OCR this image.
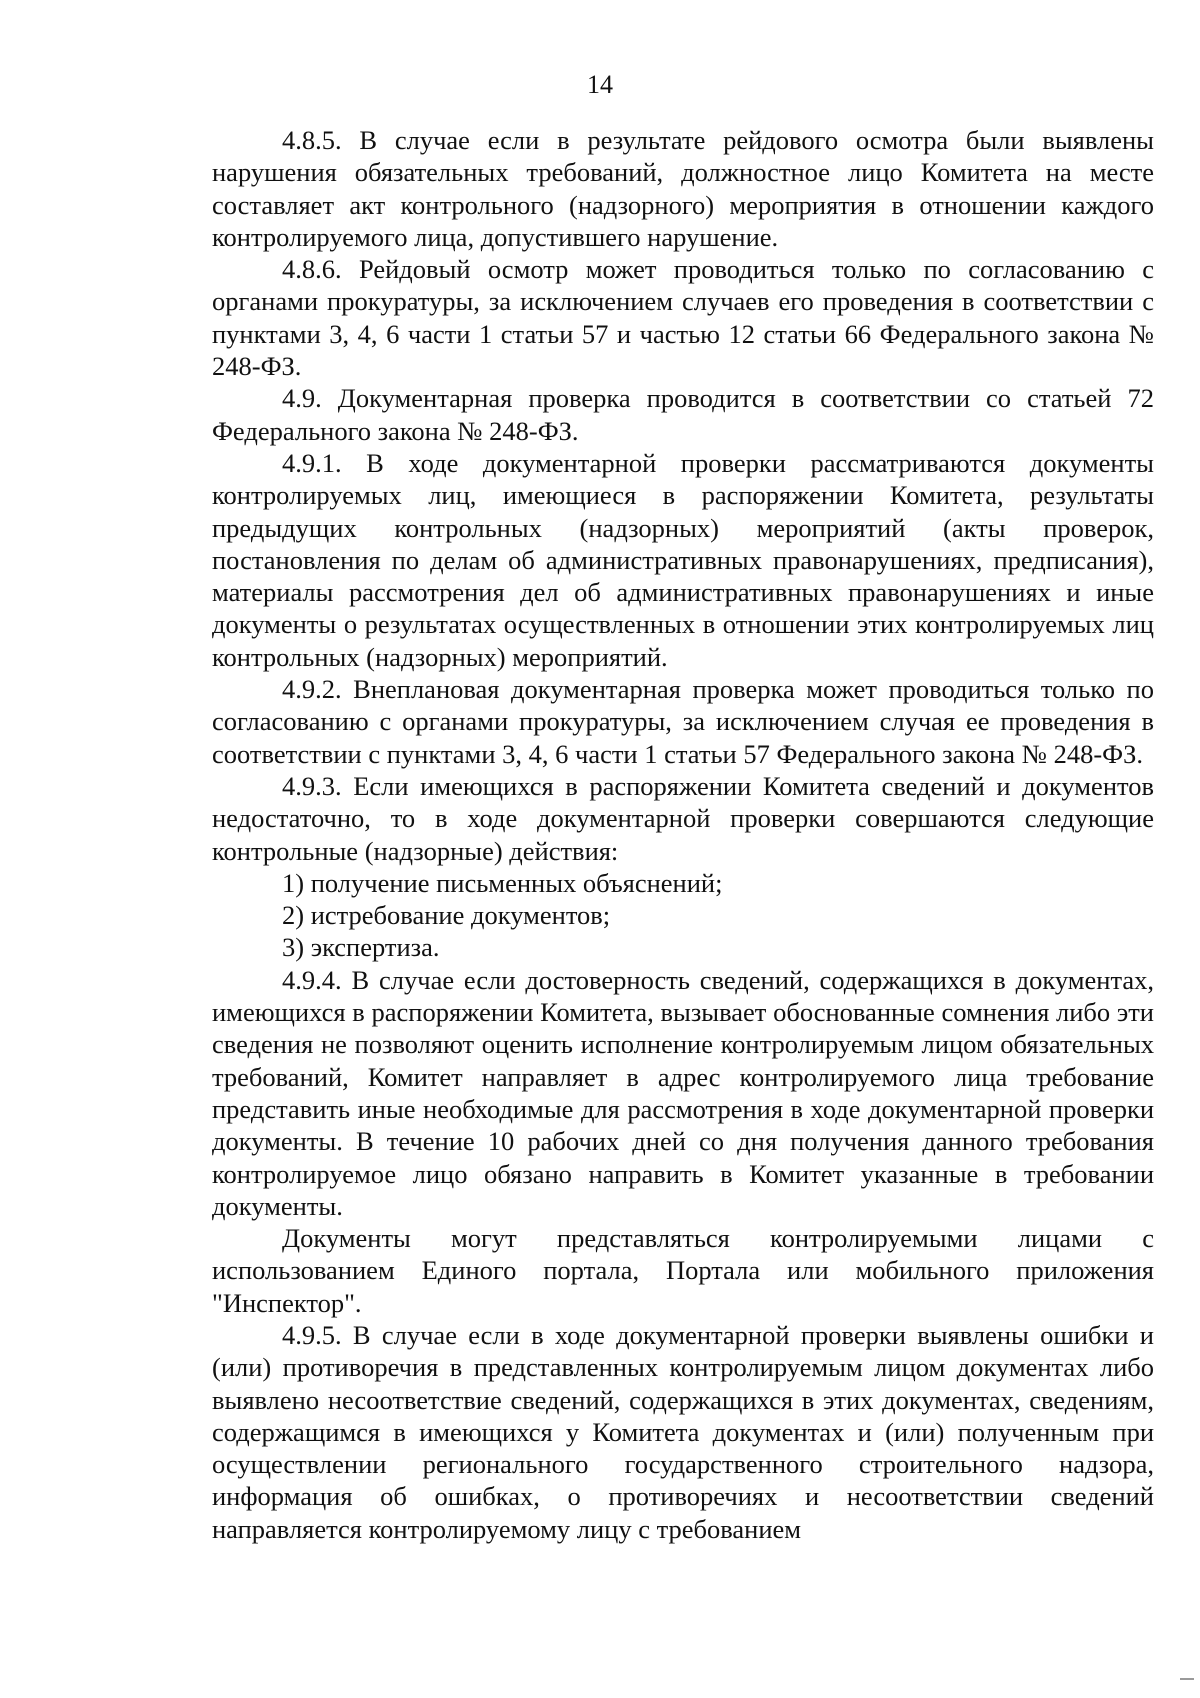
14

4.8.5. В случае если в результате рейдового осмотра были выявлены нарушения обязательных требований, должностное лицо Комитета на месте составляет акт контрольного (надзорного) мероприятия в отношении каждого контролируемого лица, допустившего нарушение.

4.8.6. Рейдовый осмотр может проводиться только по согласованию с органами прокуратуры, за исключением случаев его проведения в соответствии с пунктами 3, 4, 6 части 1 статьи 57 и частью 12 статьи 66 Федерального закона № 248-ФЗ.

4.9. Документарная проверка проводится в соответствии со статьей 72 Федерального закона № 248-ФЗ.

4.9.1. В ходе документарной проверки рассматриваются документы контролируемых лиц, имеющиеся в распоряжении Комитета, результаты предыдущих контрольных (надзорных) мероприятий (акты проверок, постановления по делам об административных правонарушениях, предписания), материалы рассмотрения дел об административных правонарушениях и иные документы о результатах осуществленных в отношении этих контролируемых лиц контрольных (надзорных) мероприятий.

4.9.2. Внеплановая документарная проверка может проводиться только по согласованию с органами прокуратуры, за исключением случая ее проведения в соответствии с пунктами 3, 4, 6 части 1 статьи 57 Федерального закона № 248-ФЗ.

4.9.3. Если имеющихся в распоряжении Комитета сведений и документов недостаточно, то в ходе документарной проверки совершаются следующие контрольные (надзорные) действия:

1) получение письменных объяснений;

2) истребование документов;

3) экспертиза.

4.9.4. В случае если достоверность сведений, содержащихся в документах, имеющихся в распоряжении Комитета, вызывает обоснованные сомнения либо эти сведения не позволяют оценить исполнение контролируемым лицом обязательных требований, Комитет направляет в адрес контролируемого лица требование представить иные необходимые для рассмотрения в ходе документарной проверки документы. В течение 10 рабочих дней со дня получения данного требования контролируемое лицо обязано направить в Комитет указанные в требовании документы.

Документы могут представляться контролируемыми лицами с использованием Единого портала, Портала или мобильного приложения "Инспектор".

4.9.5. В случае если в ходе документарной проверки выявлены ошибки и (или) противоречия в представленных контролируемым лицом документах либо выявлено несоответствие сведений, содержащихся в этих документах, сведениям, содержащимся в имеющихся у Комитета документах и (или) полученным при осуществлении регионального государственного строительного надзора, информация об ошибках, о противоречиях и несоответствии сведений направляется контролируемому лицу с требованием
